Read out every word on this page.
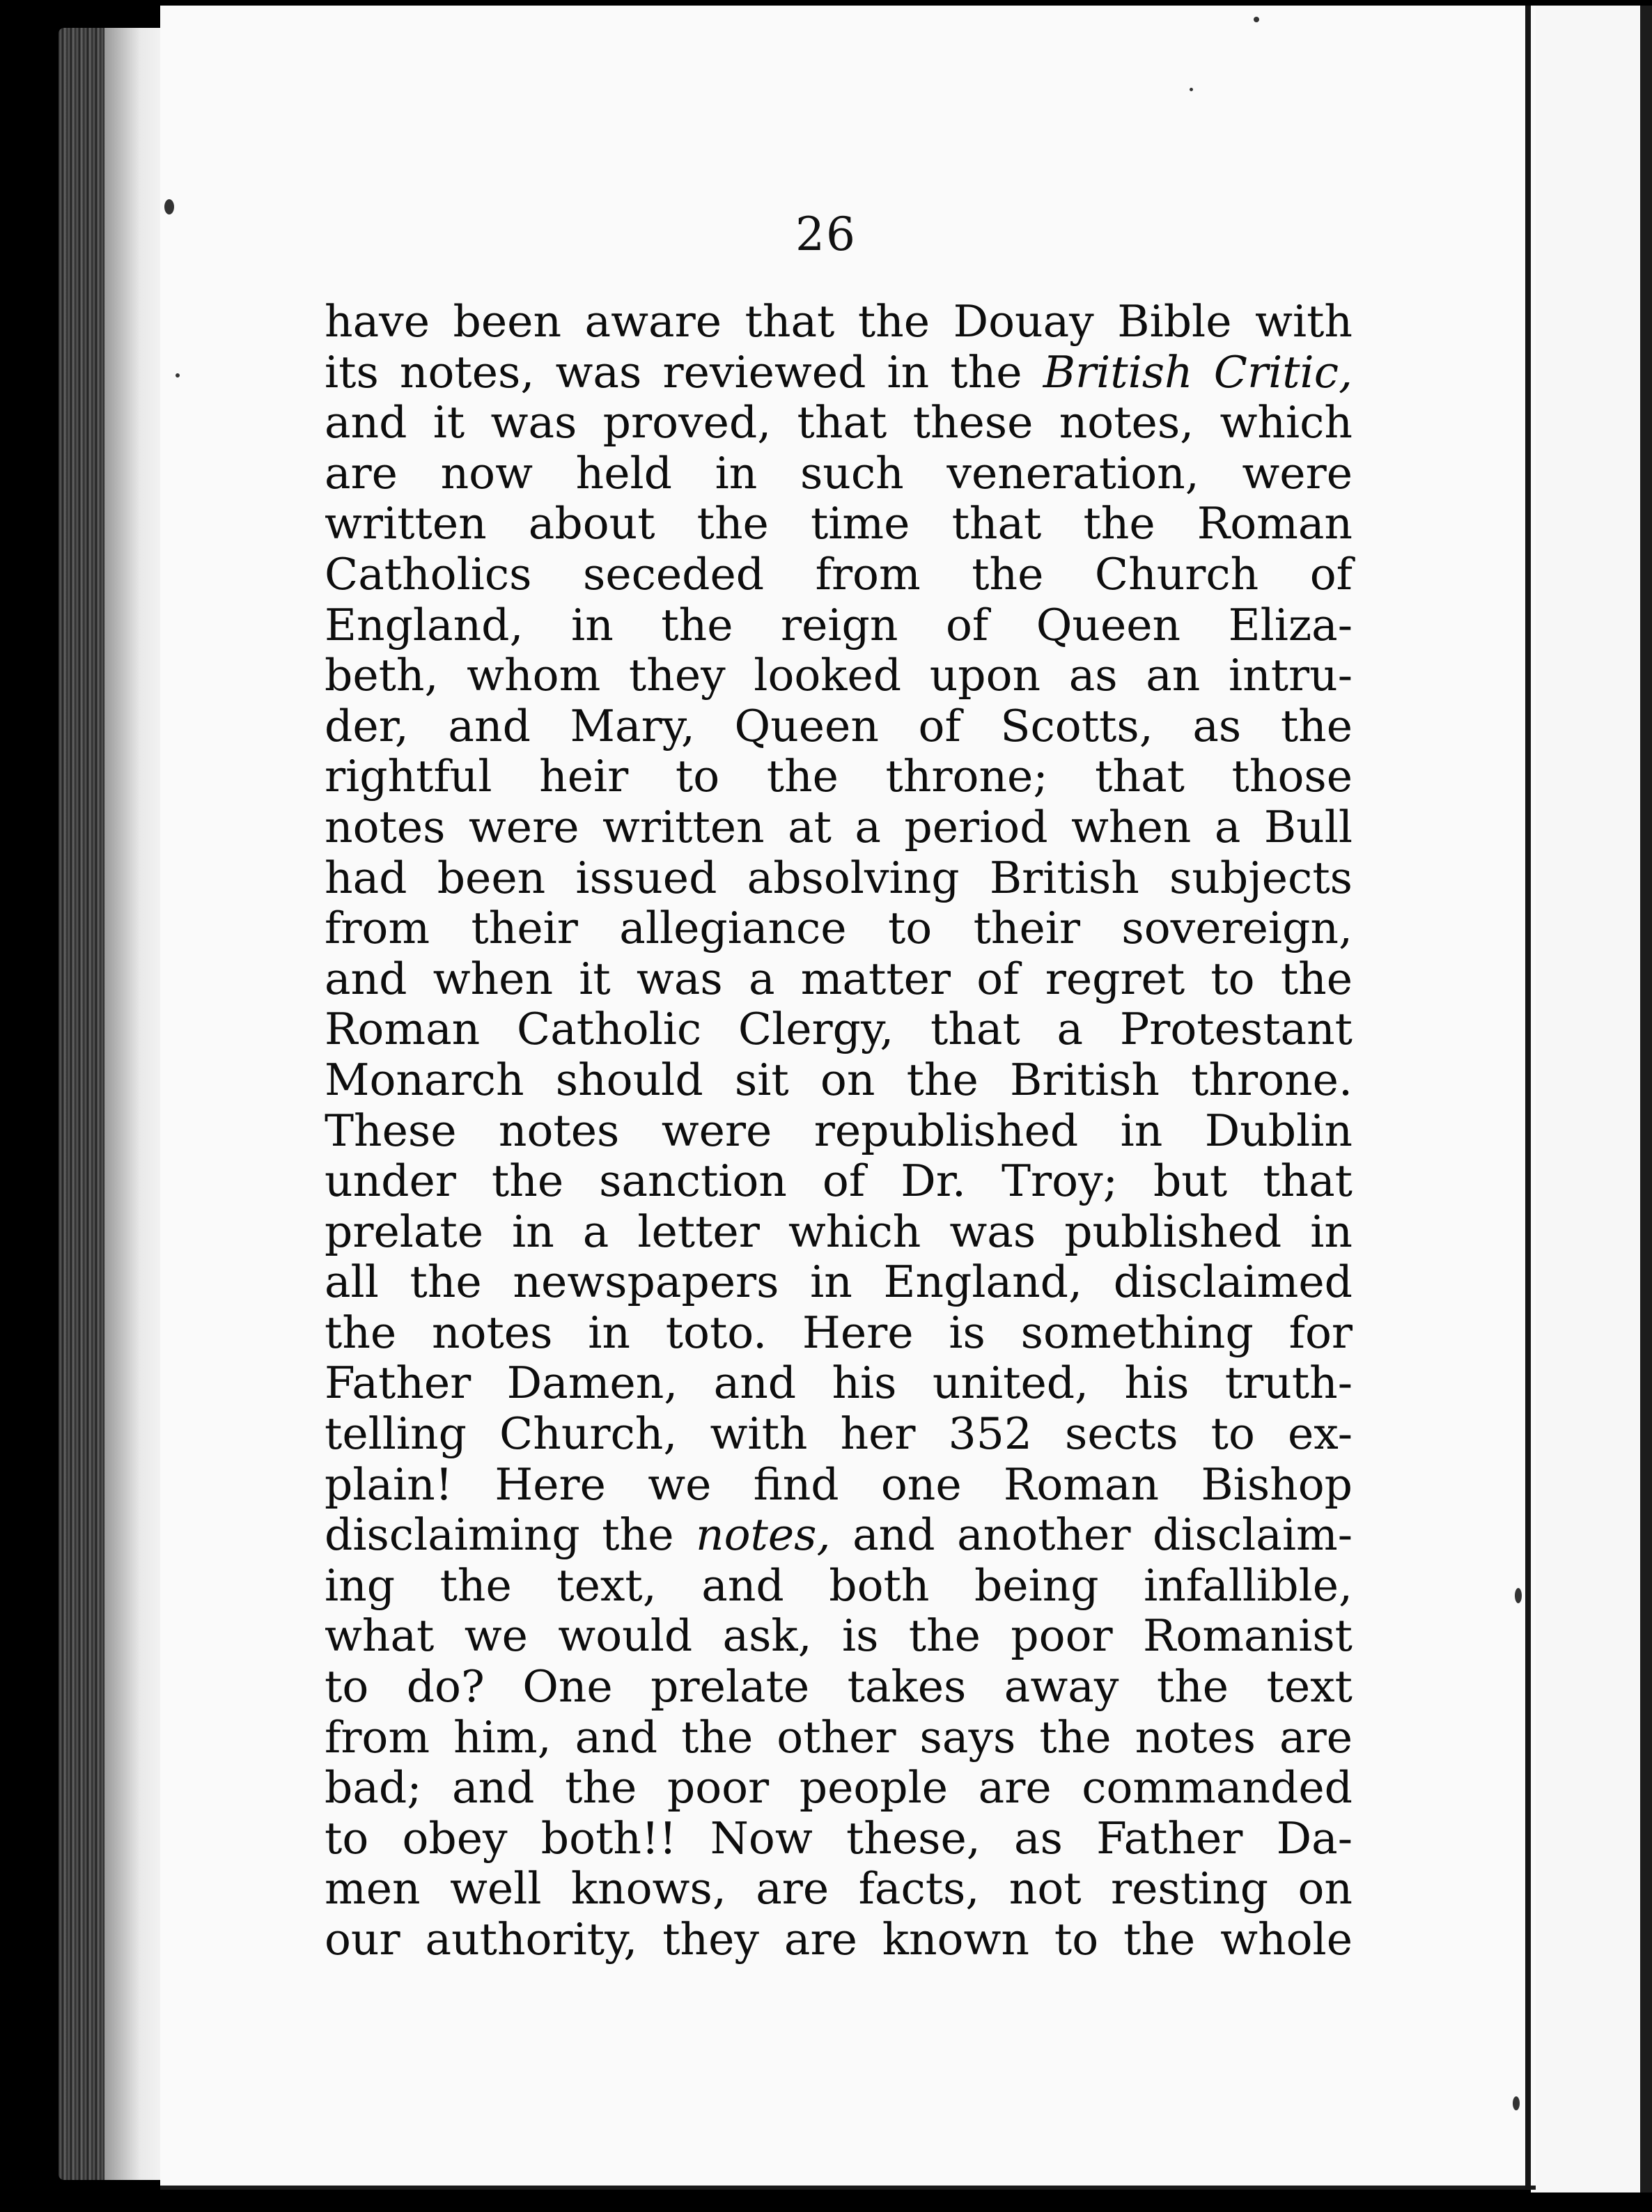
26
have been aware that the Douay Bible with
its notes, was reviewed in the British Critic,
and it was proved, that these notes, which
are now held in such veneration, were
written about the time that the Roman
Catholics seceded from the Church of
England, in the reign of Queen Eliza-
beth, whom they looked upon as an intru-
der, and Mary, Queen of Scotts, as the
rightful heir to the throne; that those
notes were written at a period when a Bull
had been issued absolving British subjects
from their allegiance to their sovereign,
and when it was a matter of regret to the
Roman Catholic Clergy, that a Protestant
Monarch should sit on the British throne.
These notes were republished in Dublin
under the sanction of Dr. Troy; but that
prelate in a letter which was published in
all the newspapers in England, disclaimed
the notes in toto. Here is something for
Father Damen, and his united, his truth-
telling Church, with her 352 sects to ex-
plain! Here we find one Roman Bishop
disclaiming the notes, and another disclaim-
ing the text, and both being infallible,
what we would ask, is the poor Romanist
to do? One prelate takes away the text
from him, and the other says the notes are
bad; and the poor people are commanded
to obey both!! Now these, as Father Da-
men well knows, are facts, not resting on
our authority, they are known to the whole
